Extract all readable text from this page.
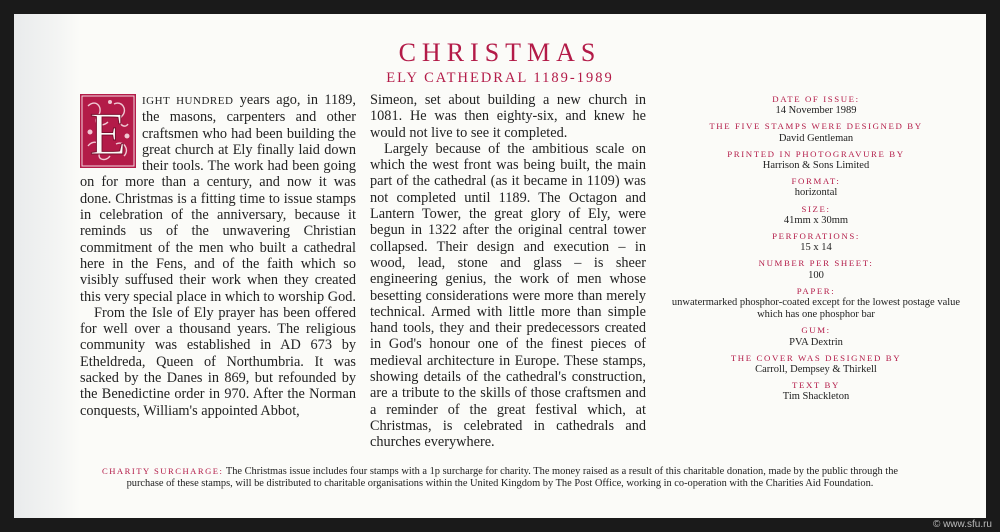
CHRISTMAS
ELY CATHEDRAL 1189-1989
E	IGHT HUNDRED years ago, in 1189, the masons, carpenters and other craftsmen who had been building the great church at Ely finally laid down their tools. The work had been going on for more than a century, and now it was done. Christmas is a fitting time to issue stamps in celebration of the anniversary, because it reminds us of the unwavering Christian commitment of the men who built a cathedral here in the Fens, and of the faith which so visibly suffused their work when they created this very special place in which to worship God.

From the Isle of Ely prayer has been offered for well over a thousand years. The religious community was established in AD 673 by Etheldreda, Queen of Northumbria. It was sacked by the Danes in 869, but refounded by the Benedictine order in 970. After the Norman conquests, William's appointed Abbot,

Simeon, set about building a new church in 1081. He was then eighty-six, and knew he would not live to see it completed.

Largely because of the ambitious scale on which the west front was being built, the main part of the cathedral (as it became in 1109) was not completed until 1189. The Octagon and Lantern Tower, the great glory of Ely, were begun in 1322 after the original central tower collapsed. Their design and execution – in wood, lead, stone and glass – is sheer engineering genius, the work of men whose besetting considerations were more than merely technical. Armed with little more than simple hand tools, they and their predecessors created in God's honour one of the finest pieces of medieval architecture in Europe. These stamps, showing details of the cathedral's construction, are a tribute to the skills of those craftsmen and a reminder of the great festival which, at Christmas, is celebrated in cathedrals and churches everywhere.

DATE OF ISSUE:
14 November 1989
THE FIVE STAMPS WERE DESIGNED BY
David Gentleman
PRINTED IN PHOTOGRAVURE BY
Harrison & Sons Limited
FORMAT:
horizontal
SIZE:
41mm x 30mm
PERFORATIONS:
15 x 14
NUMBER PER SHEET:
100
PAPER:
unwatermarked phosphor-coated except for the lowest postage value which has one phosphor bar
GUM:
PVA Dextrin
THE COVER WAS DESIGNED BY
Carroll, Dempsey & Thirkell
TEXT BY
Tim Shackleton
CHARITY SURCHARGE: The Christmas issue includes four stamps with a 1p surcharge for charity. The money raised as a result of this charitable donation, made by the public through the purchase of these stamps, will be distributed to charitable organisations within the United Kingdom by The Post Office, working in co-operation with the Charities Aid Foundation.
© www.sfu.ru
